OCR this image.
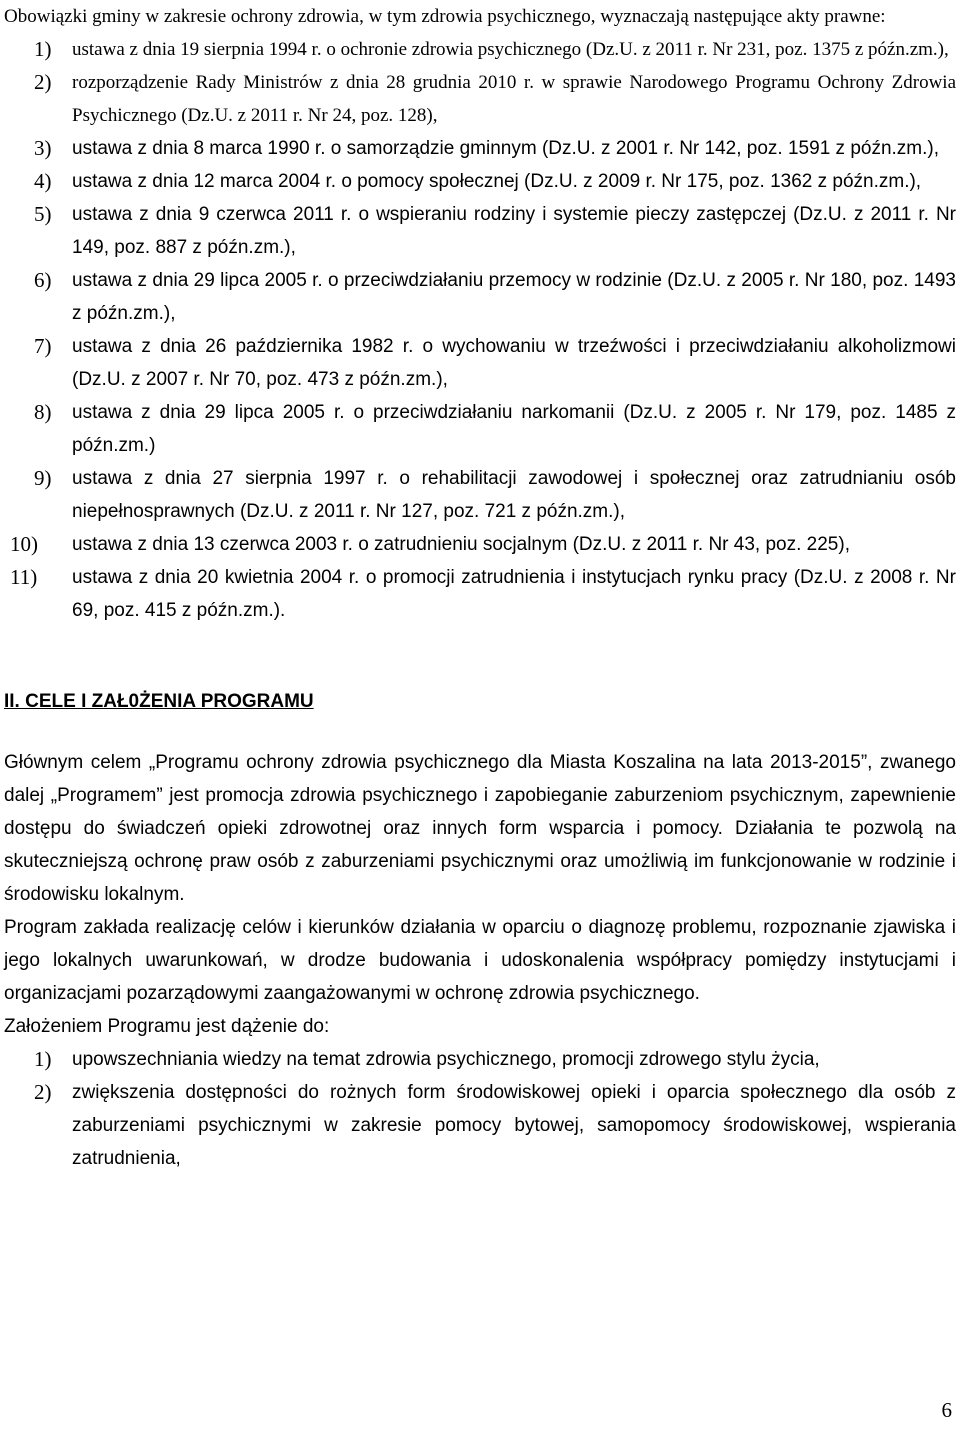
Obowiązki gminy w zakresie ochrony zdrowia, w tym zdrowia psychicznego, wyznaczają następujące akty prawne:
1)	ustawa z dnia 19 sierpnia 1994 r. o ochronie zdrowia psychicznego (Dz.U. z 2011 r. Nr 231, poz. 1375 z późn.zm.),
2)	rozporządzenie Rady Ministrów z dnia 28 grudnia 2010 r. w sprawie Narodowego Programu Ochrony Zdrowia Psychicznego (Dz.U. z 2011 r. Nr 24, poz. 128),
3)	ustawa z dnia 8 marca 1990 r. o samorządzie gminnym (Dz.U. z 2001 r. Nr 142, poz. 1591 z późn.zm.),
4)	ustawa z dnia 12 marca 2004 r. o pomocy społecznej (Dz.U. z 2009 r. Nr 175, poz. 1362 z późn.zm.),
5)	ustawa z dnia 9 czerwca 2011 r. o wspieraniu rodziny i systemie pieczy zastępczej (Dz.U. z 2011 r. Nr 149, poz. 887 z późn.zm.),
6)	ustawa z dnia 29 lipca 2005 r. o przeciwdziałaniu przemocy w rodzinie (Dz.U. z 2005 r. Nr 180, poz. 1493 z późn.zm.),
7)	ustawa z dnia 26 października 1982 r. o wychowaniu w trzeźwości i przeciwdziałaniu alkoholizmowi (Dz.U. z 2007 r. Nr 70, poz. 473 z późn.zm.),
8)	ustawa z dnia 29 lipca 2005 r. o przeciwdziałaniu narkomanii (Dz.U. z 2005 r. Nr 179, poz. 1485 z późn.zm.)
9)	ustawa z dnia 27 sierpnia 1997 r. o rehabilitacji zawodowej i społecznej oraz zatrudnianiu osób niepełnosprawnych (Dz.U. z 2011 r. Nr 127, poz. 721 z późn.zm.),
10)	ustawa z dnia 13 czerwca 2003 r. o zatrudnieniu socjalnym (Dz.U. z 2011 r. Nr 43, poz. 225),
11)	ustawa z dnia 20 kwietnia 2004 r. o promocji zatrudnienia i instytucjach rynku pracy (Dz.U. z 2008 r. Nr 69, poz. 415 z późn.zm.).
II. CELE I ZAŁ0ŻENIA PROGRAMU
Głównym celem „Programu ochrony zdrowia psychicznego dla Miasta Koszalina na lata 2013-2015”, zwanego dalej „Programem” jest promocja zdrowia psychicznego i zapobieganie zaburzeniom psychicznym, zapewnienie dostępu do świadczeń opieki zdrowotnej oraz innych form wsparcia i pomocy. Działania te pozwolą na skuteczniejszą ochronę praw osób z zaburzeniami psychicznymi oraz umożliwią im funkcjonowanie w rodzinie i środowisku lokalnym.
Program zakłada realizację celów i kierunków działania w oparciu o diagnozę problemu, rozpoznanie zjawiska i jego lokalnych uwarunkowań, w drodze budowania i udoskonalenia współpracy pomiędzy instytucjami i organizacjami pozarządowymi zaangażowanymi w ochronę zdrowia psychicznego.
Założeniem Programu jest dążenie do:
1)	upowszechniania wiedzy na temat zdrowia psychicznego, promocji zdrowego stylu życia,
2)	zwiększenia dostępności do rożnych form środowiskowej opieki i oparcia społecznego dla osób z zaburzeniami psychicznymi w zakresie pomocy bytowej, samopomocy środowiskowej, wspierania zatrudnienia,
6
